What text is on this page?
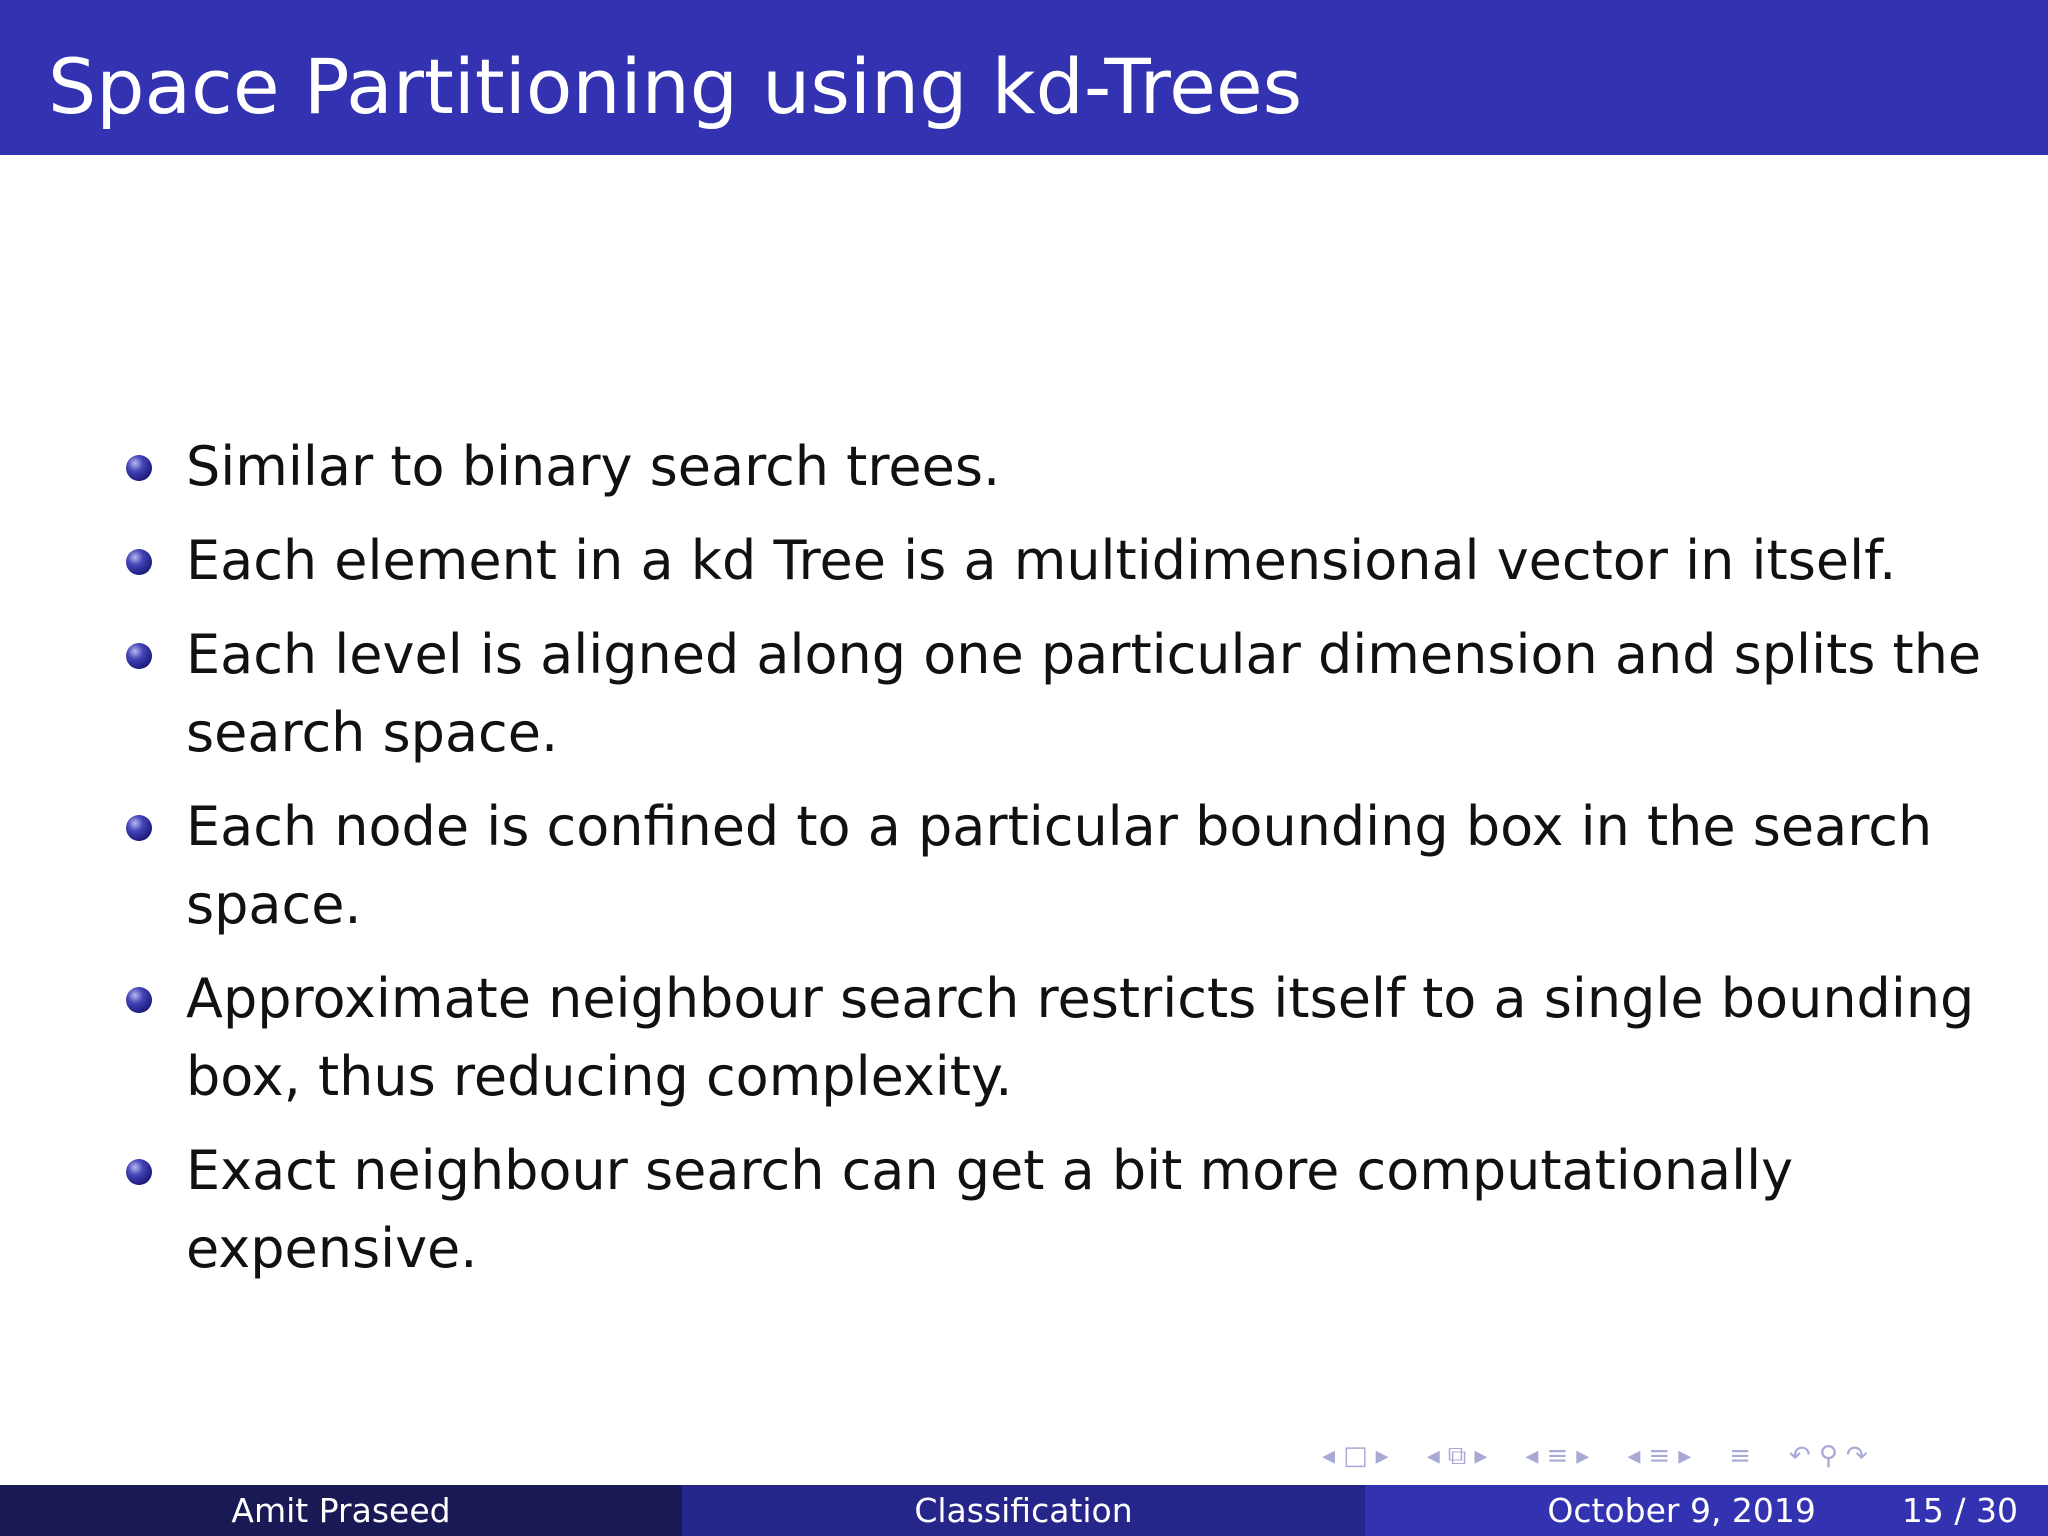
Space Partitioning using kd-Trees
Similar to binary search trees.
Each element in a kd Tree is a multidimensional vector in itself.
Each level is aligned along one particular dimension and splits the search space.
Each node is confined to a particular bounding box in the search space.
Approximate neighbour search restricts itself to a single bounding box, thus reducing complexity.
Exact neighbour search can get a bit more computationally expensive.
◂ □ ▸ ◂ ⧉ ▸ ◂ ≡ ▸ ◂ ≡ ▸ ≡ ↶ ⚲ ↷
Amit Praseed	Classification	October 9, 2019	15 / 30
